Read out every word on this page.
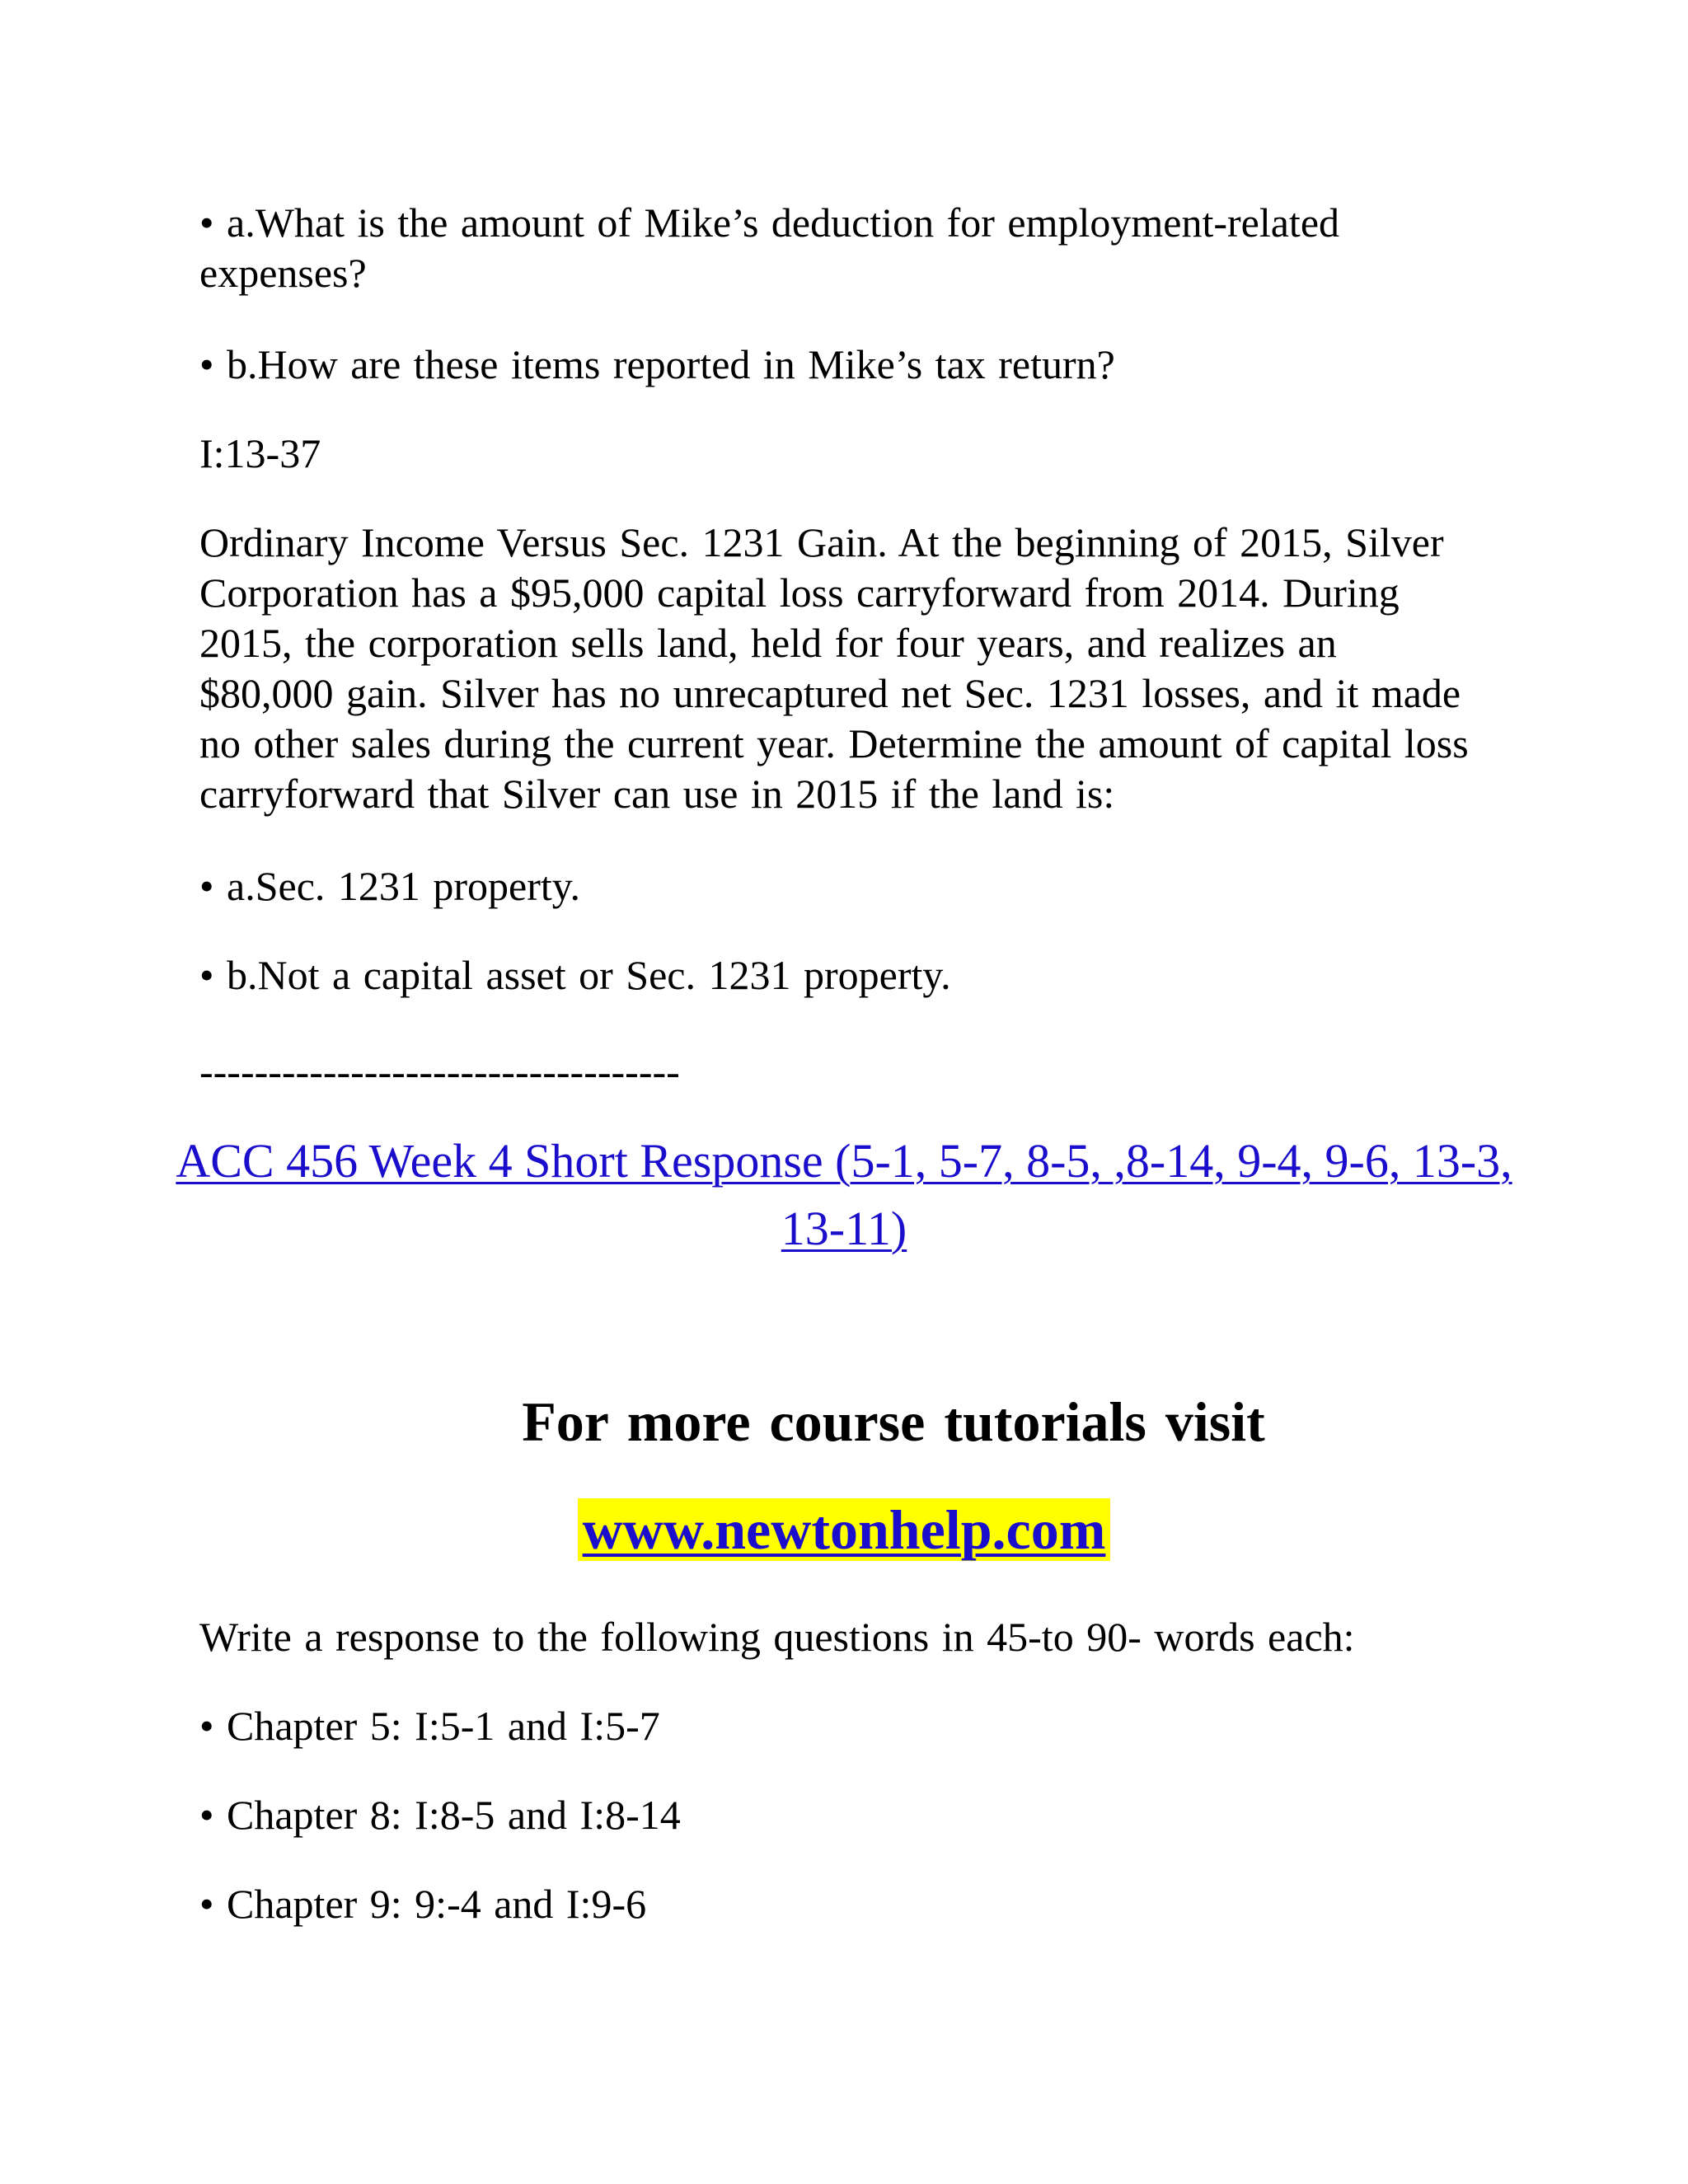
• a.What is the amount of Mike’s deduction for employment-related expenses?

• b.How are these items reported in Mike’s tax return?

I:13-37

Ordinary Income Versus Sec. 1231 Gain. At the beginning of 2015, Silver Corporation has a $95,000 capital loss carryforward from 2014. During 2015, the corporation sells land, held for four years, and realizes an $80,000 gain. Silver has no unrecaptured net Sec. 1231 losses, and it made no other sales during the current year. Determine the amount of capital loss carryforward that Silver can use in 2015 if the land is:

• a.Sec. 1231 property.

• b.Not a capital asset or Sec. 1231 property.

-----------------------------------
ACC 456 Week 4 Short Response (5-1, 5-7, 8-5, ,8-14, 9-4, 9-6, 13-3, 13-11)
For more course tutorials visit
www.newtonhelp.com

Write a response to the following questions in 45-to 90- words each:

• Chapter 5: I:5-1 and I:5-7

• Chapter 8: I:8-5 and I:8-14

• Chapter 9: 9:-4 and I:9-6
